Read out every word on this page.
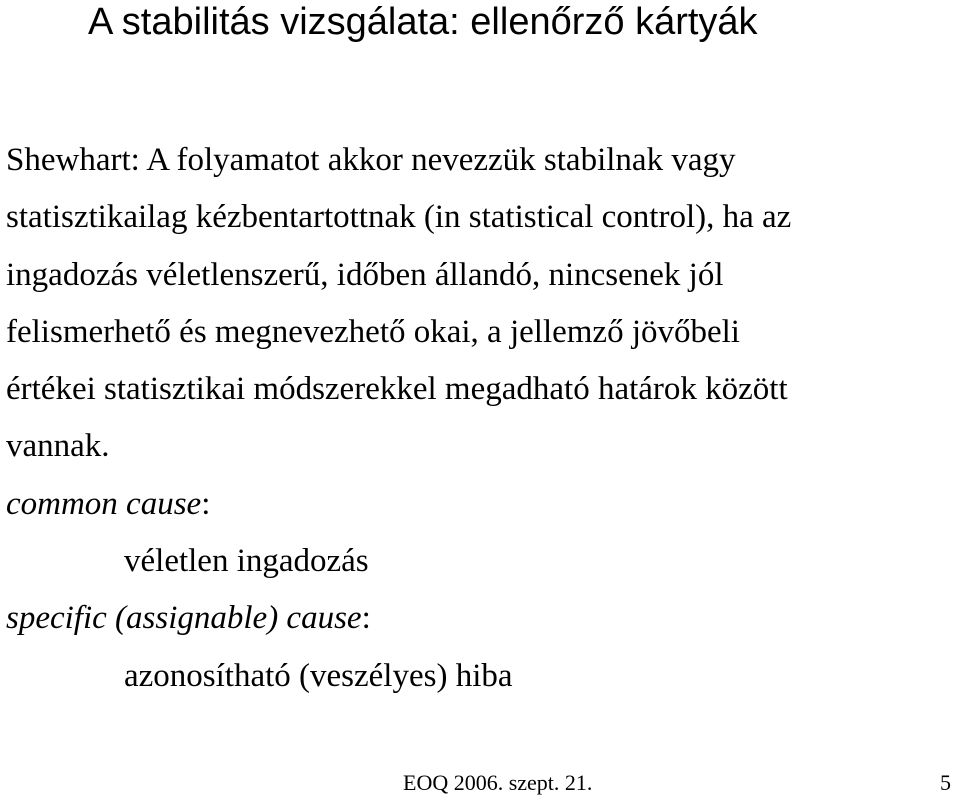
A stabilitás vizsgálata: ellenőrző kártyák
Shewhart: A folyamatot akkor nevezzük stabilnak vagy
statisztikailag kézbentartottnak (in statistical control), ha az
ingadozás véletlenszerű, időben állandó, nincsenek jól
felismerhető és megnevezhető okai, a jellemző jövőbeli
értékei statisztikai módszerekkel megadható határok között
vannak.
common cause:
véletlen ingadozás
specific (assignable) cause:
azonosítható (veszélyes) hiba
EOQ 2006. szept. 21.	5
